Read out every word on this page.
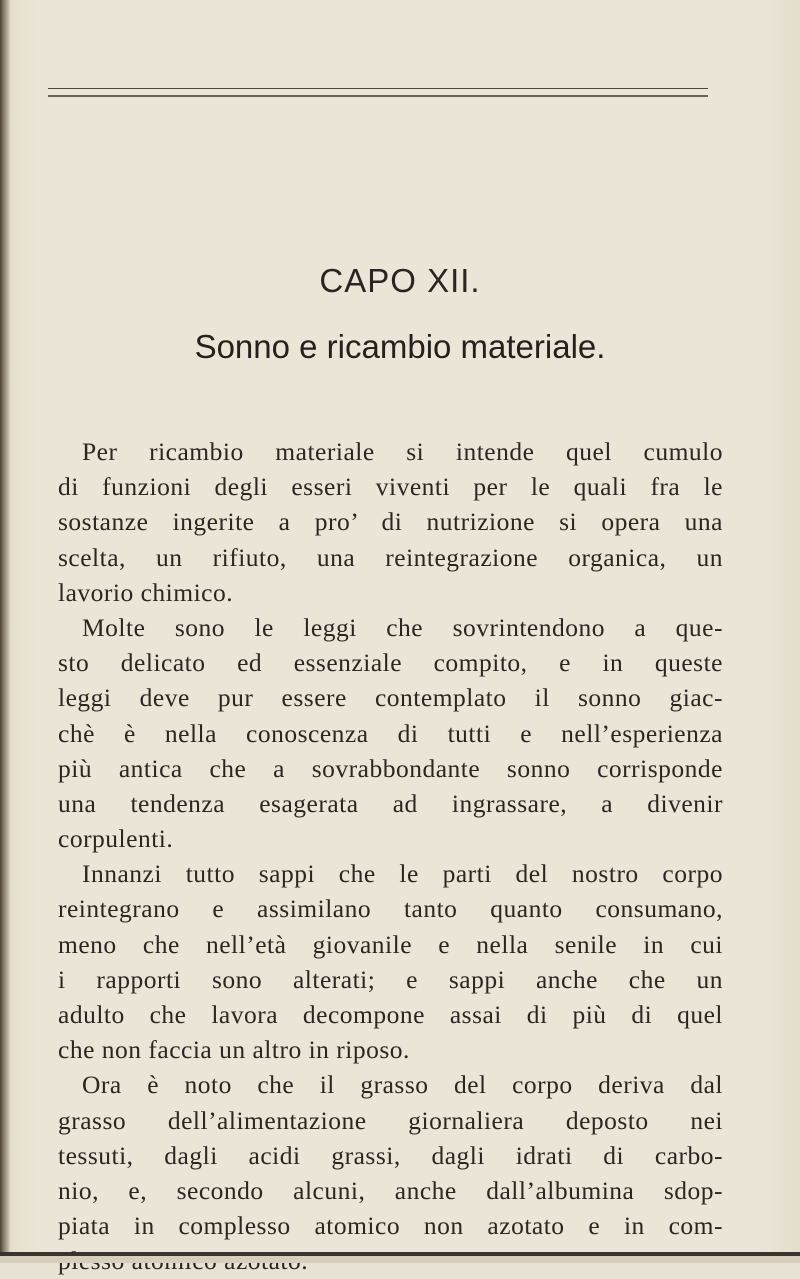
CAPO XII.
Sonno e ricambio materiale.
Per ricambio materiale si intende quel cumulo
di funzioni degli esseri viventi per le quali fra le
sostanze ingerite a pro’ di nutrizione si opera una
scelta, un rifiuto, una reintegrazione organica, un
lavorio chimico.
Molte sono le leggi che sovrintendono a que-
sto delicato ed essenziale compito, e in queste
leggi deve pur essere contemplato il sonno giac-
chè è nella conoscenza di tutti e nell’esperienza
più antica che a sovrabbondante sonno corrisponde
una tendenza esagerata ad ingrassare, a divenir
corpulenti.
Innanzi tutto sappi che le parti del nostro corpo
reintegrano e assimilano tanto quanto consumano,
meno che nell’età giovanile e nella senile in cui
i rapporti sono alterati; e sappi anche che un
adulto che lavora decompone assai di più di quel
che non faccia un altro in riposo.
Ora è noto che il grasso del corpo deriva dal
grasso dell’alimentazione giornaliera deposto nei
tessuti, dagli acidi grassi, dagli idrati di carbo-
nio, e, secondo alcuni, anche dall’albumina sdop-
piata in complesso atomico non azotato e in com-
